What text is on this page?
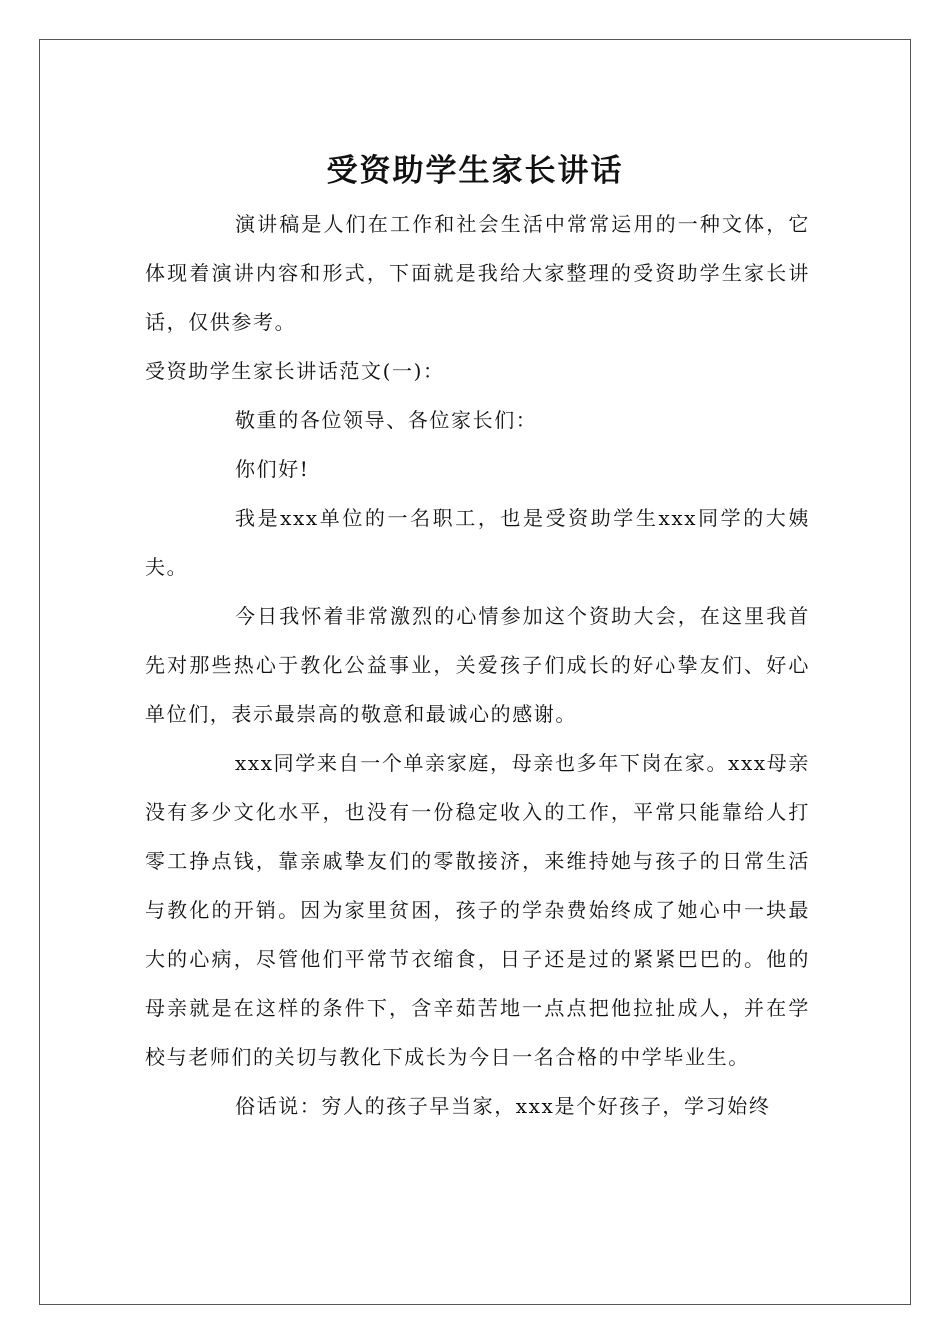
受资助学生家长讲话

演讲稿是人们在工作和社会生活中常常运用的一种文体，它体现着演讲内容和形式，下面就是我给大家整理的受资助学生家长讲话，仅供参考。

受资助学生家长讲话范文(一)：

敬重的各位领导、各位家长们：

你们好!

我是xxx单位的一名职工，也是受资助学生xxx同学的大姨夫。

今日我怀着非常激烈的心情参加这个资助大会，在这里我首先对那些热心于教化公益事业，关爱孩子们成长的好心挚友们、好心单位们，表示最崇高的敬意和最诚心的感谢。

xxx同学来自一个单亲家庭，母亲也多年下岗在家。xxx母亲没有多少文化水平，也没有一份稳定收入的工作，平常只能靠给人打零工挣点钱，靠亲戚挚友们的零散接济，来维持她与孩子的日常生活与教化的开销。因为家里贫困，孩子的学杂费始终成了她心中一块最大的心病，尽管他们平常节衣缩食，日子还是过的紧紧巴巴的。他的母亲就是在这样的条件下，含辛茹苦地一点点把他拉扯成人，并在学校与老师们的关切与教化下成长为今日一名合格的中学毕业生。

俗话说：穷人的孩子早当家，xxx是个好孩子，学习始终
